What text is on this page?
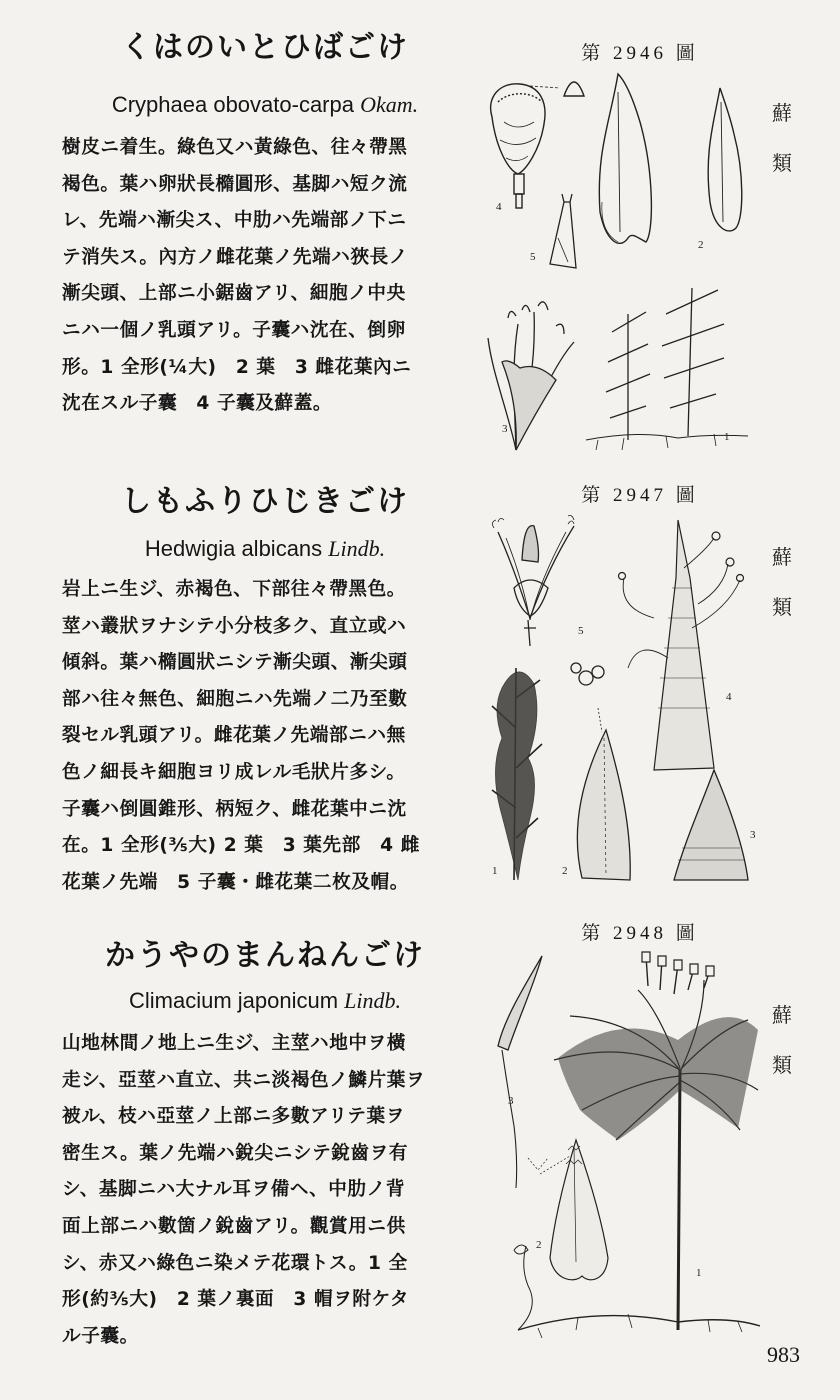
くはのいとひばごけ
Cryphaea obovato-carpa Okam.
樹皮ニ着生。綠色又ハ黃綠色、往々帶黑
褐色。葉ハ卵狀長橢圓形、基脚ハ短ク流
レ、先端ハ漸尖ス、中肋ハ先端部ノ下ニ
テ消失ス。內方ノ雌花葉ノ先端ハ狹長ノ
漸尖頭、上部ニ小鋸齒アリ、細胞ノ中央
ニハ一個ノ乳頭アリ。子囊ハ沈在、倒卵
形。1 全形(¼大)　2 葉　3 雌花葉內ニ
沈在スル子囊　4 子囊及蘚蓋。
第 2946 圖
蘚
類
4
5
2
3
1
しもふりひじきごけ
Hedwigia albicans Lindb.
岩上ニ生ジ、赤褐色、下部往々帶黑色。
莖ハ叢狀ヲナシテ小分枝多ク、直立或ハ
傾斜。葉ハ橢圓狀ニシテ漸尖頭、漸尖頭
部ハ往々無色、細胞ニハ先端ノ二乃至數
裂セル乳頭アリ。雌花葉ノ先端部ニハ無
色ノ細長キ細胞ヨリ成レル毛狀片多シ。
子囊ハ倒圓錐形、柄短ク、雌花葉中ニ沈
在。1 全形(⅗大) 2 葉　3 葉先部　4 雌
花葉ノ先端　5 子囊・雌花葉二枚及帽。
第 2947 圖
蘚
類
5
4
1	2
3
かうやのまんねんごけ
Climacium japonicum Lindb.
山地林間ノ地上ニ生ジ、主莖ハ地中ヲ橫
走シ、亞莖ハ直立、共ニ淡褐色ノ鱗片葉ヲ
被ル、枝ハ亞莖ノ上部ニ多數アリテ葉ヲ
密生ス。葉ノ先端ハ銳尖ニシテ銳齒ヲ有
シ、基脚ニハ大ナル耳ヲ備ヘ、中肋ノ背
面上部ニハ數箇ノ銳齒アリ。觀賞用ニ供
シ、赤又ハ綠色ニ染メテ花環トス。1 全
形(約⅗大)　2 葉ノ裏面　3 帽ヲ附ケタ
ル子囊。
第 2948 圖
蘚
類
3
2
1
983
